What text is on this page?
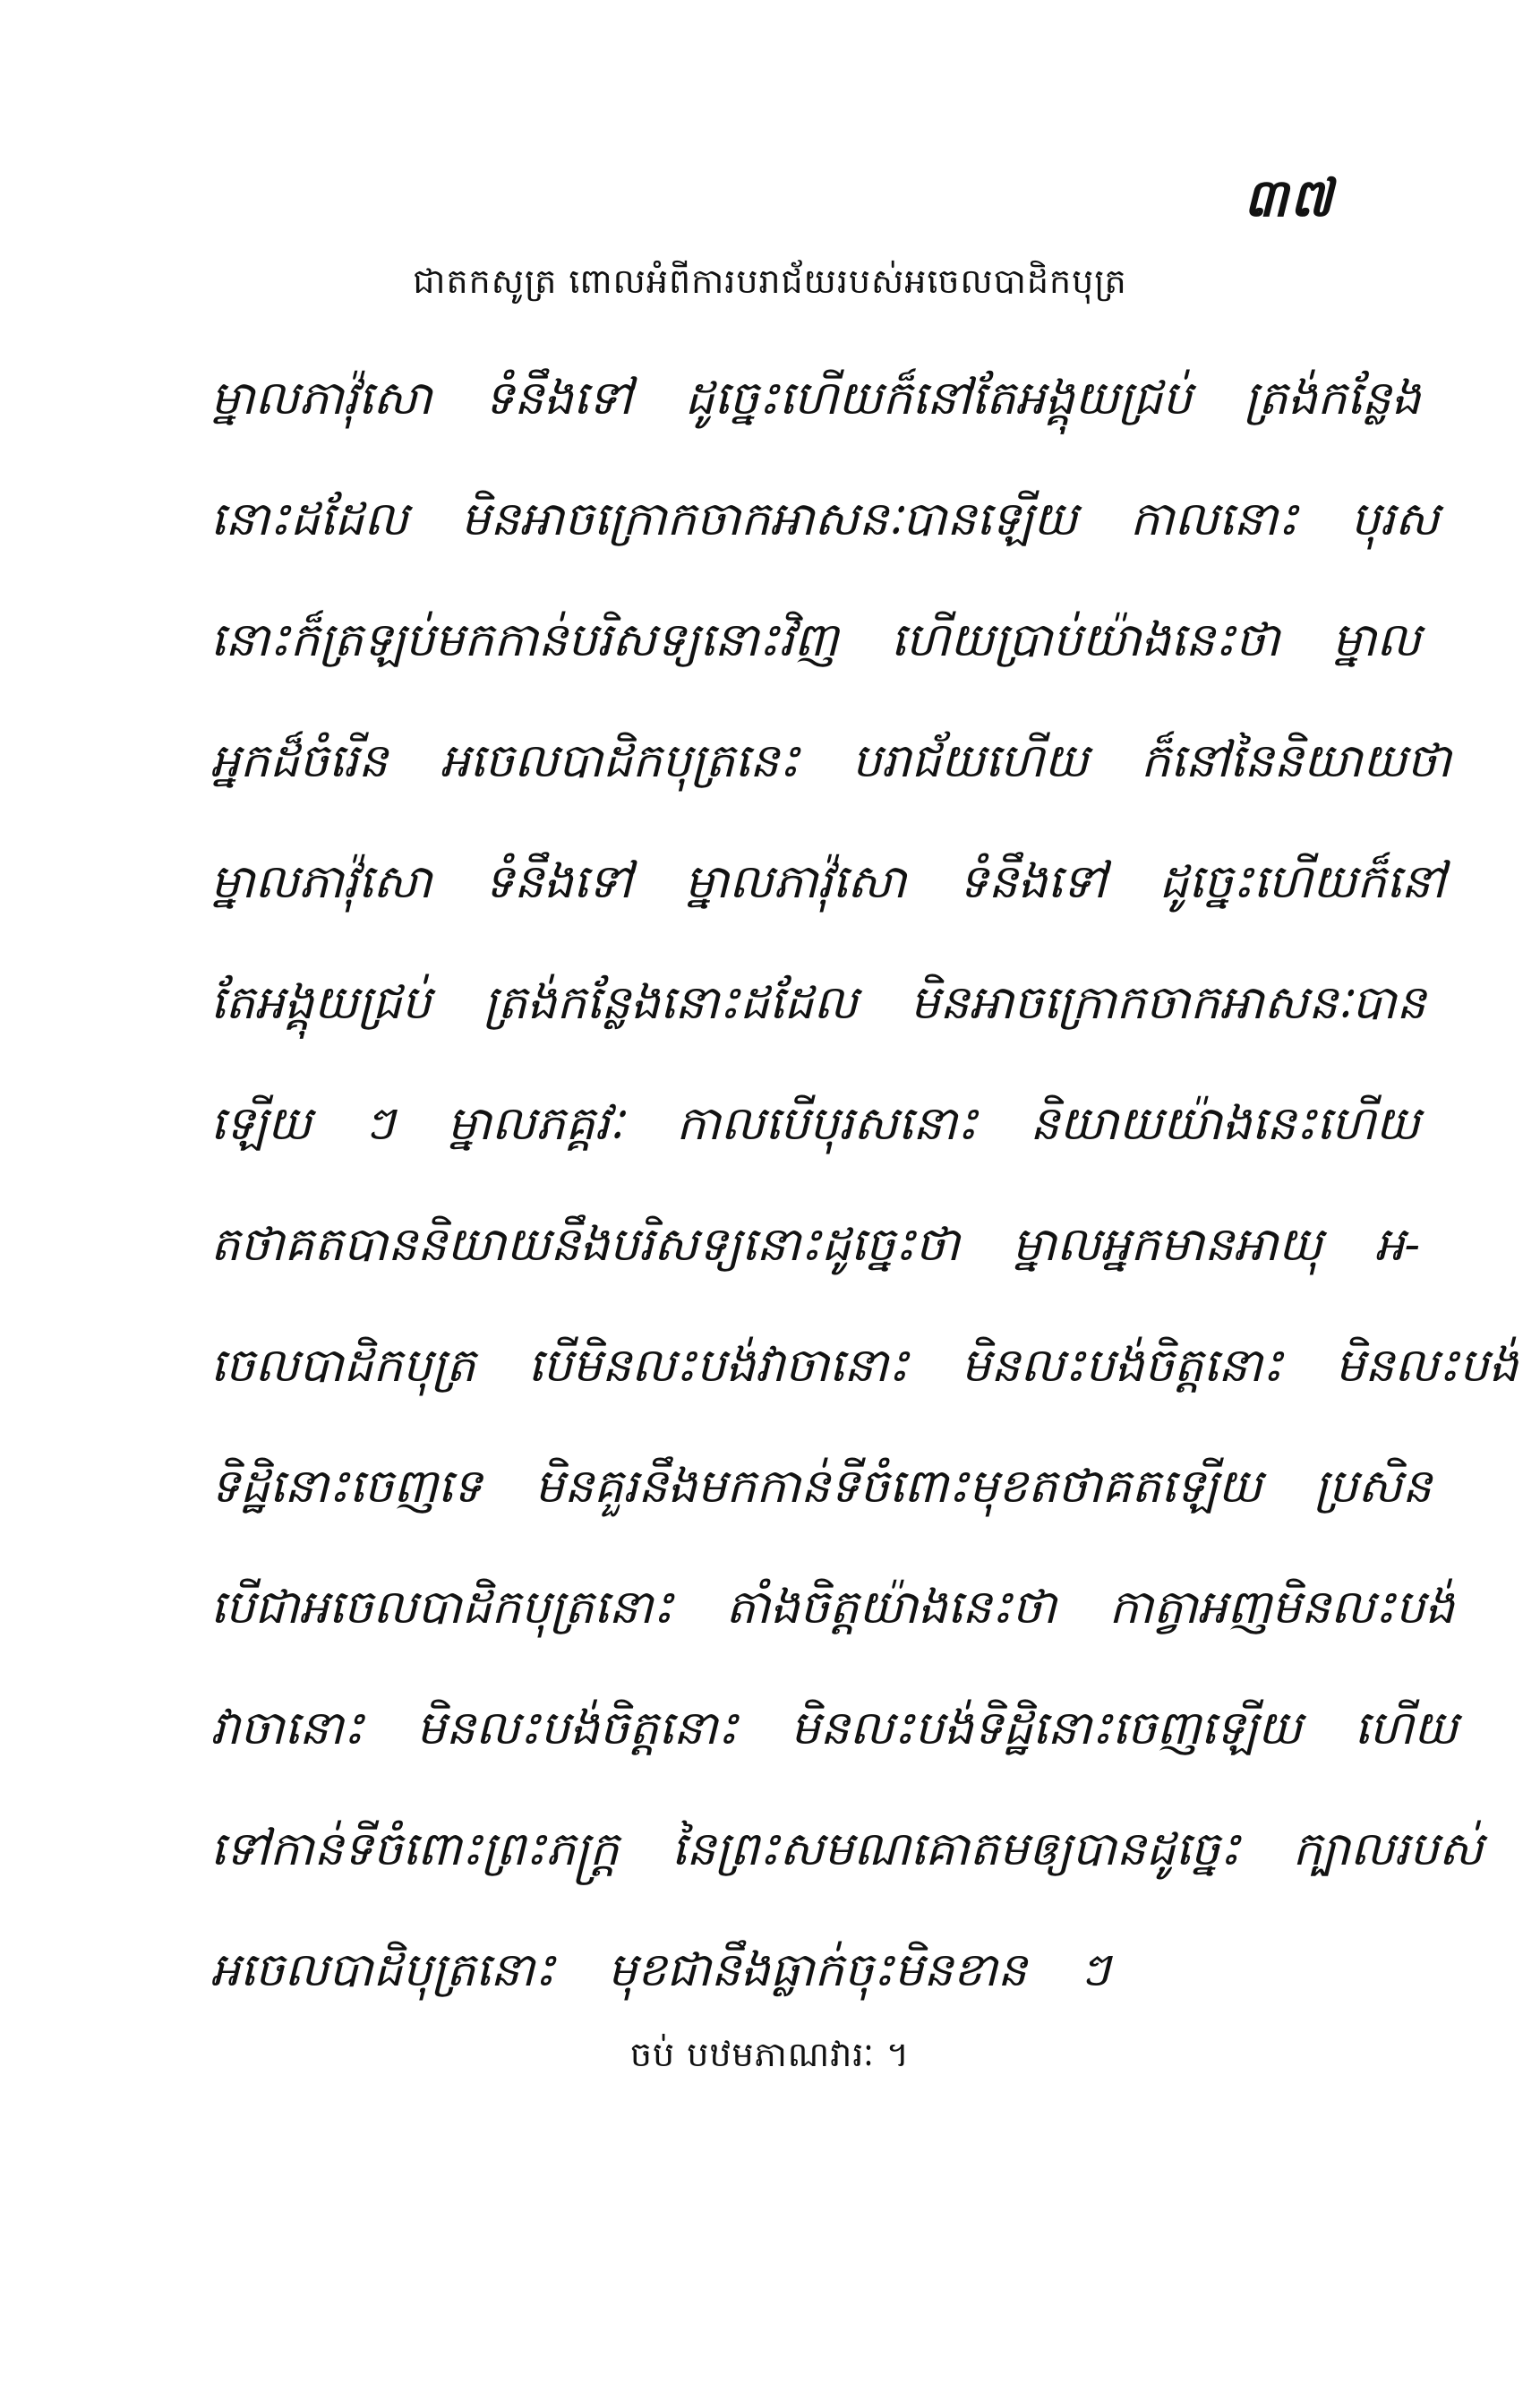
៣៧
ជាតកសូត្រ ពោលអំពីការបរាជ័យរបស់អចេលបាដិកបុត្រ
ម្នាលភាវ៉ុសោ ទំនឹងទៅ ដូច្នេះហើយក៏នៅតែអង្គុយជ្រប់ ត្រង់កន្លែង
នោះដដែល មិនអាចក្រោកចាកអាសនៈបានឡើយ កាលនោះ បុរស
នោះក៏ត្រឡប់មកកាន់បរិសទ្យនោះវិញ ហើយប្រាប់យ៉ាងនេះថា ម្នាល
អ្នកដ៏ចំរើន អចេលបាដិកបុត្រនេះ បរាជ័យហើយ ក៏នៅនៃនិយាយថា
ម្នាលភាវ៉ុសោ ទំនឹងទៅ ម្នាលភាវ៉ុសោ ទំនឹងទៅ ដូច្នេះហើយក៏នៅ
តែអង្គុយជ្រប់ ត្រង់កន្លែងនោះដដែល មិនអាចក្រោកចាកអាសនៈបាន
ឡើយ ៗ ម្នាលភគ្គវៈ កាលបើបុរសនោះ និយាយយ៉ាងនេះហើយ
តថាគតបាននិយាយនឹងបរិសទ្យនោះដូច្នេះថា ម្នាលអ្នកមានអាយុ អ-
ចេលបាដិកបុត្រ បើមិនលះបង់វាចានោះ មិនលះបង់ចិត្តនោះ មិនលះបង់
ទិដ្ឋិនោះចេញទេ មិនគួរនឹងមកកាន់ទីចំពោះមុខតថាគតឡើយ ប្រសិន
បើជាអចេលបាដិកបុត្រនោះ តាំងចិត្តយ៉ាងនេះថា កាត្វាអញមិនលះបង់
វាចានោះ មិនលះបង់ចិត្តនោះ មិនលះបង់ទិដ្ឋិនោះចេញឡើយ ហើយ
ទៅកាន់ទីចំពោះព្រះភក្ត្រ នៃព្រះសមណគោតមឲ្យបានដូច្នេះ ក្បាលរបស់
អចេលបាដិបុត្រនោះ មុខជានឹងធ្លាក់ចុះមិនខាន ៗ
ចប់ បឋមភាណវារៈ ។
